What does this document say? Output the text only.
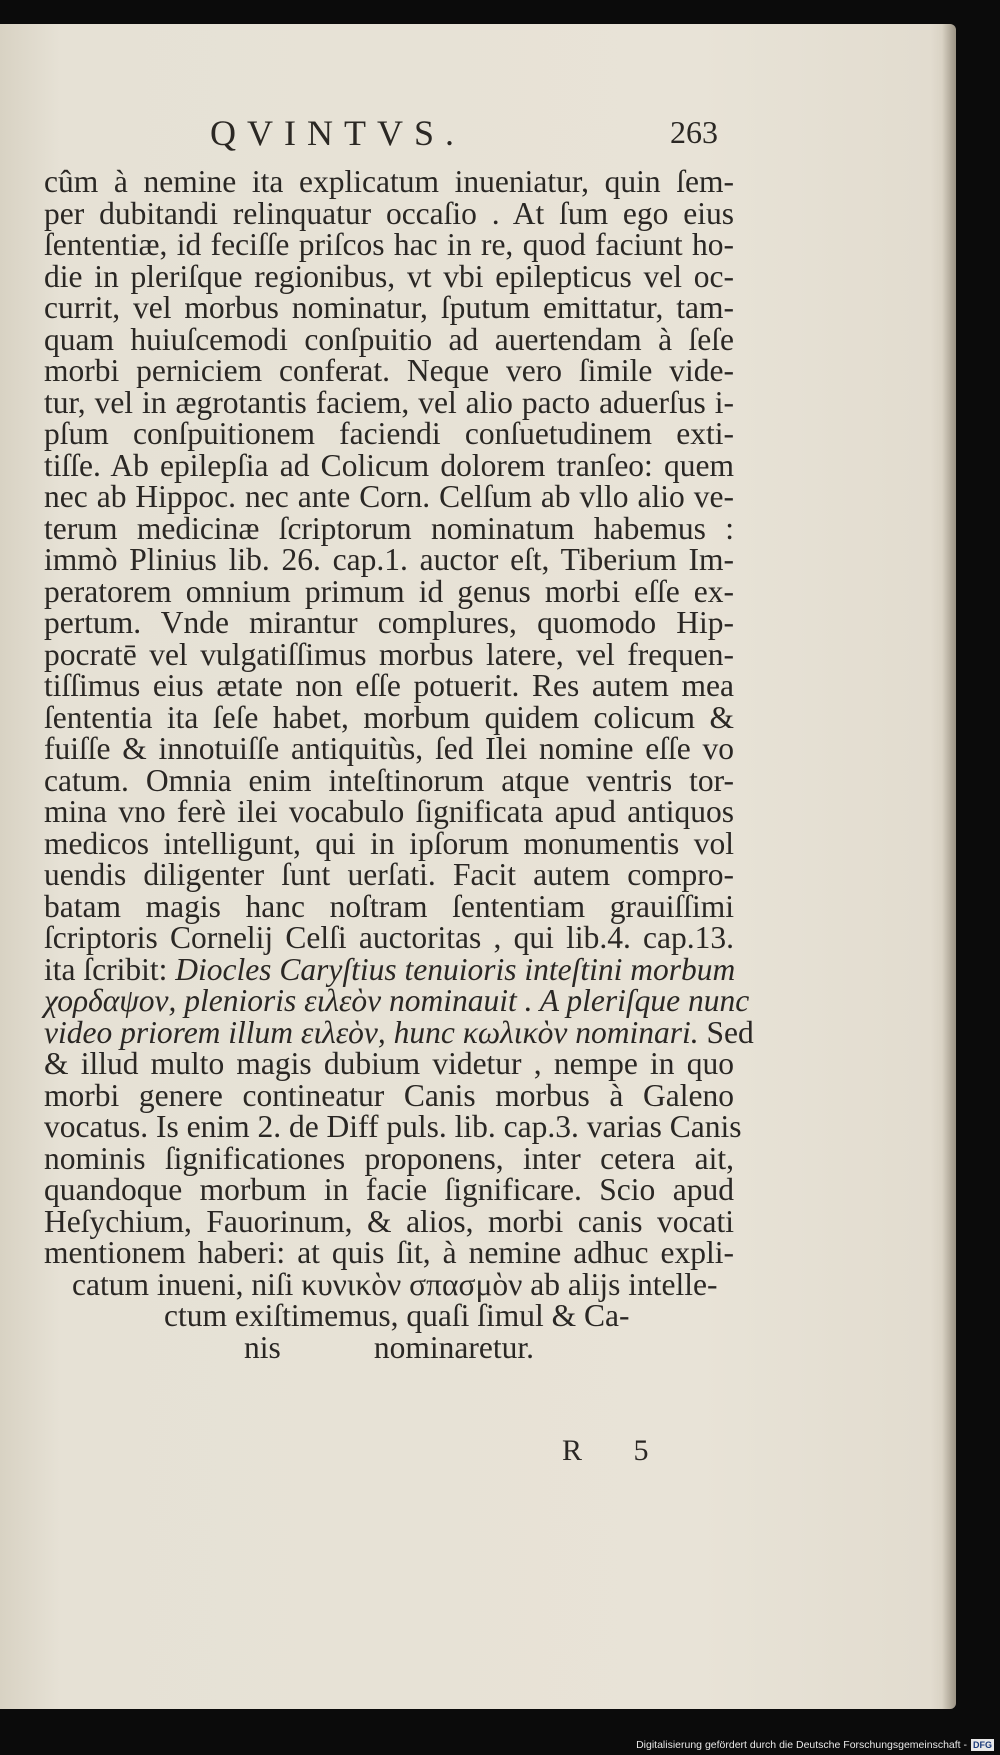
QVINTVS.	263
cûm à nemine ita explicatum inueniatur, quin ſem-
per dubitandi relinquatur occaſio . At ſum ego eius
ſententiæ, id feciſſe priſcos hac in re, quod faciunt ho-
die in pleriſque regionibus, vt vbi epilepticus vel oc-
currit, vel morbus nominatur, ſputum emittatur, tam-
quam huiuſcemodi conſpuitio ad auertendam à ſeſe
morbi perniciem conferat. Neque vero ſimile vide-
tur, vel in ægrotantis faciem, vel alio pacto aduerſus i-
pſum conſpuitionem faciendi conſuetudinem exti-
tiſſe. Ab epilepſia ad Colicum dolorem tranſeo: quem
nec ab Hippoc. nec ante Corn. Celſum ab vllo alio ve-
terum medicinæ ſcriptorum nominatum habemus :
immò Plinius lib. 26. cap.1. auctor eſt, Tiberium Im-
peratorem omnium primum id genus morbi eſſe ex-
pertum. Vnde mirantur complures, quomodo Hip-
pocratē vel vulgatiſſimus morbus latere, vel frequen-
tiſſimus eius ætate non eſſe potuerit. Res autem mea
ſententia ita ſeſe habet, morbum quidem colicum &
fuiſſe & innotuiſſe antiquitùs, ſed Ilei nomine eſſe vo
catum. Omnia enim inteſtinorum atque ventris tor-
mina vno ferè ilei vocabulo ſignificata apud antiquos
medicos intelligunt, qui in ipſorum monumentis vol
uendis diligenter ſunt uerſati. Facit autem compro-
batam magis hanc noſtram ſententiam grauiſſimi
ſcriptoris Cornelij Celſi auctoritas , qui lib.4. cap.13.
ita ſcribit: Diocles Caryſtius tenuioris inteſtini morbum
χορδαψον, plenioris ειλεὸν nominauit . A pleriſque nunc
video priorem illum ειλεὸν, hunc κωλικὸν nominari. Sed
& illud multo magis dubium videtur , nempe in quo
morbi genere contineatur Canis morbus à Galeno
vocatus. Is enim 2. de Diff puls. lib. cap.3. varias Canis
nominis ſignificationes proponens, inter cetera ait,
quandoque morbum in facie ſignificare. Scio apud
Heſychium, Fauorinum, & alios, morbi canis vocati
mentionem haberi: at quis ſit, à nemine adhuc expli-
catum inueni, niſi κυνικὸν σπασμὸν ab alijs intelle-
ctum exiſtimemus, quaſi ſimul & Ca-
nis nominaretur.
R 5
Digitalisierung gefördert durch die Deutsche Forschungsgemeinschaft - DFG
